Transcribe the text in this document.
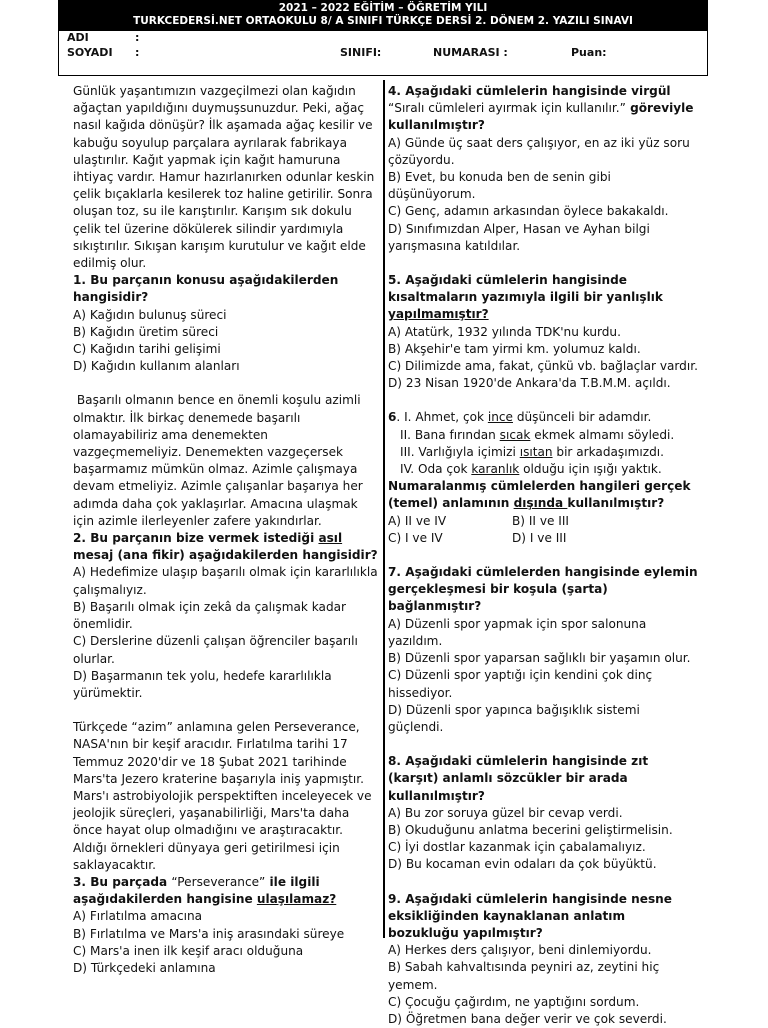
2021 – 2022 EĞİTİM – ÖĞRETİM YILI
TURKCEDERSİ.NET ORTAOKULU 8/ A SINIFI TÜRKÇE DERSİ 2. DÖNEM 2. YAZILI SINAVI
ADI	:
SOYADI :	SINIFI:	NUMARASI :	Puan:

Günlük yaşantımızın vazgeçilmezi olan kağıdın ağaçtan yapıldığını duymuşsunuzdur. Peki, ağaç nasıl kağıda dönüşür? İlk aşamada ağaç kesilir ve kabuğu soyulup parçalara ayrılarak fabrikaya ulaştırılır. Kağıt yapmak için kağıt hamuruna ihtiyaç vardır. Hamur hazırlanırken odunlar keskin çelik bıçaklarla kesilerek toz haline getirilir. Sonra oluşan toz, su ile karıştırılır. Karışım sık dokulu çelik tel üzerine dökülerek silindir yardımıyla sıkıştırılır. Sıkışan karışım kurutulur ve kağıt elde edilmiş olur.

1. Bu parçanın konusu aşağıdakilerden hangisidir?

A) Kağıdın bulunuş süreci

B) Kağıdın üretim süreci

C) Kağıdın tarihi gelişimi

D) Kağıdın kullanım alanları

Başarılı olmanın bence en önemli koşulu azimli olmaktır. İlk birkaç denemede başarılı olamayabiliriz ama denemekten vazgeçmemeliyiz. Denemekten vazgeçersek başarmamız mümkün olmaz. Azimle çalışmaya devam etmeliyiz. Azimle çalışanlar başarıya her adımda daha çok yaklaşırlar. Amacına ulaşmak için azimle ilerleyenler zafere yakındırlar.

2. Bu parçanın bize vermek istediği asıl mesaj (ana fikir) aşağıdakilerden hangisidir?

A) Hedefimize ulaşıp başarılı olmak için kararlılıkla çalışmalıyız.

B) Başarılı olmak için zekâ da çalışmak kadar önemlidir.

C) Derslerine düzenli çalışan öğrenciler başarılı olurlar.

D) Başarmanın tek yolu, hedefe kararlılıkla yürümektir.

Türkçede “azim” anlamına gelen Perseverance, NASA'nın bir keşif aracıdır. Fırlatılma tarihi 17 Temmuz 2020'dir ve 18 Şubat 2021 tarihinde Mars'ta Jezero kraterine başarıyla iniş yapmıştır. Mars'ı astrobiyolojik perspektiften inceleyecek ve jeolojik süreçleri, yaşanabilirliği, Mars'ta daha önce hayat olup olmadığını ve araştıracaktır. Aldığı örnekleri dünyaya geri getirilmesi için saklayacaktır.

3. Bu parçada “Perseverance” ile ilgili aşağıdakilerden hangisine ulaşılamaz?

A) Fırlatılma amacına

B) Fırlatılma ve Mars'a iniş arasındaki süreye

C) Mars'a inen ilk keşif aracı olduğuna

D) Türkçedeki anlamına

4. Aşağıdaki cümlelerin hangisinde virgül “Sıralı cümleleri ayırmak için kullanılır.” göreviyle kullanılmıştır?

A) Günde üç saat ders çalışıyor, en az iki yüz soru çözüyordu.

B) Evet, bu konuda ben de senin gibi düşünüyorum.

C) Genç, adamın arkasından öylece bakakaldı.

D) Sınıfımızdan Alper, Hasan ve Ayhan bilgi yarışmasına katıldılar.

5. Aşağıdaki cümlelerin hangisinde kısaltmaların yazımıyla ilgili bir yanlışlık yapılmamıştır?

A) Atatürk, 1932 yılında TDK'nu kurdu.

B) Akşehir'e tam yirmi km. yolumuz kaldı.

C) Dilimizde ama, fakat, çünkü vb. bağlaçlar vardır.

D) 23 Nisan 1920'de Ankara'da T.B.M.M. açıldı.

6. I. Ahmet, çok ince düşünceli bir adamdır.

II. Bana fırından sıcak ekmek almamı söyledi.

III. Varlığıyla içimizi ısıtan bir arkadaşımızdı.

IV. Oda çok karanlık olduğu için ışığı yaktık.

Numaralanmış cümlelerden hangileri gerçek (temel) anlamının dışında kullanılmıştır?

A) II ve IV	B) II ve III
C) I ve IV	D) I ve III

7. Aşağıdaki cümlelerden hangisinde eylemin gerçekleşmesi bir koşula (şarta) bağlanmıştır?

A) Düzenli spor yapmak için spor salonuna yazıldım.

B) Düzenli spor yaparsan sağlıklı bir yaşamın olur.

C) Düzenli spor yaptığı için kendini çok dinç hissediyor.

D) Düzenli spor yapınca bağışıklık sistemi güçlendi.

8. Aşağıdaki cümlelerin hangisinde zıt (karşıt) anlamlı sözcükler bir arada kullanılmıştır?

A) Bu zor soruya güzel bir cevap verdi.

B) Okuduğunu anlatma becerini geliştirmelisin.

C) İyi dostlar kazanmak için çabalamalıyız.

D) Bu kocaman evin odaları da çok büyüktü.

9. Aşağıdaki cümlelerin hangisinde nesne eksikliğinden kaynaklanan anlatım bozukluğu yapılmıştır?

A) Herkes ders çalışıyor, beni dinlemiyordu.

B) Sabah kahvaltısında peyniri az, zeytini hiç yemem.

C) Çocuğu çağırdım, ne yaptığını sordum.

D) Öğretmen bana değer verir ve çok severdi.
